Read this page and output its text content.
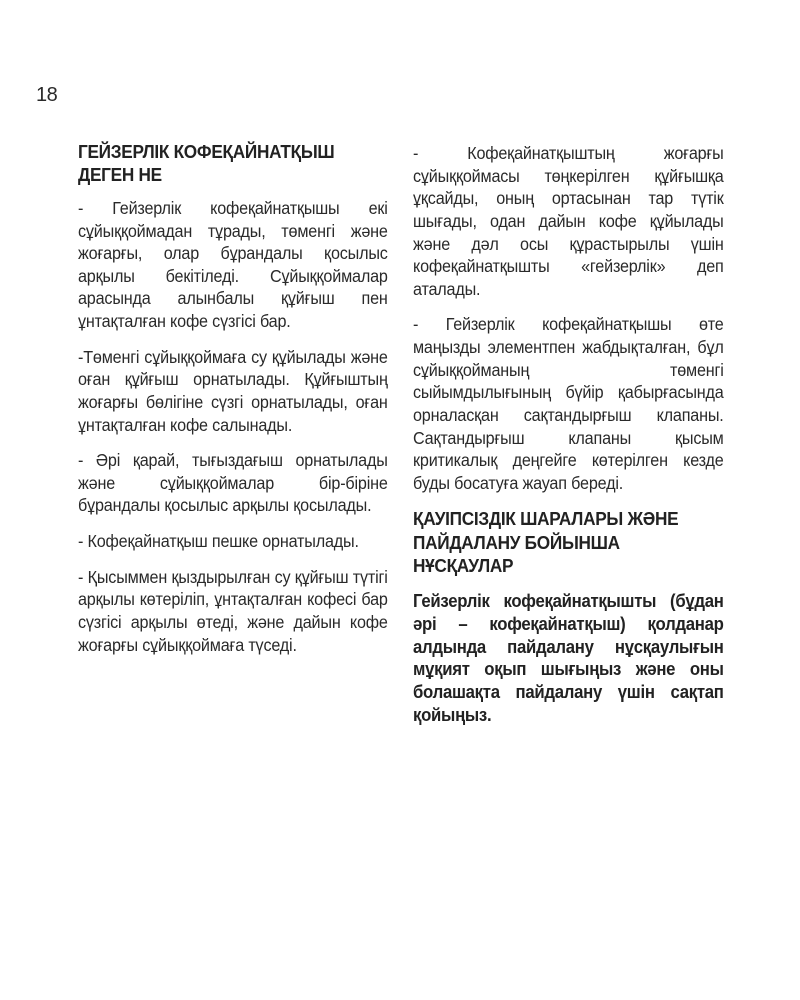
18
ГЕЙЗЕРЛІК КОФЕҚАЙНАТҚЫШ ДЕГЕН НЕ

- Гейзерлік кофеқайнатқышы екі сұйыққоймадан тұрады, төменгі және жоғарғы, олар бұрандалы қосылыс арқылы бекітіледі. Сұйыққоймалар арасында алынбалы құйғыш пен ұнтақталған кофе сүзгісі бар.

-Төменгі сұйыққоймаға су құйылады және оған құйғыш орнатылады. Құйғыштың жоғарғы бөлігіне сүзгі орнатылады, оған ұнтақталған кофе салынады.

- Әрі қарай, тығыздағыш орнатылады және сұйыққоймалар бір-біріне бұрандалы қосылыс арқылы қосылады.

- Кофеқайнатқыш пешке орнатылады.

- Қысыммен қыздырылған су құйғыш түтігі арқылы көтеріліп, ұнтақталған кофесі бар сүзгісі арқылы өтеді, және дайын кофе жоғарғы сұйыққоймаға түседі.

- Кофеқайнатқыштың жоғарғы сұйыққоймасы төңкерілген құйғышқа ұқсайды, оның ортасынан тар түтік шығады, одан дайын кофе құйылады және дәл осы құрастырылы үшін кофеқайнатқышты «гейзерлік» деп аталады.

- Гейзерлік кофеқайнатқышы өте маңызды элементпен жабдықталған, бұл сұйыққойманың төменгі сыйымдылығының бүйір қабырғасында орналасқан сақтандырғыш клапаны. Сақтандырғыш клапаны қысым критикалық деңгейге көтерілген кезде буды босатуға жауап береді.

ҚАУІПСІЗДІК ШАРАЛАРЫ ЖӘНЕ ПАЙДАЛАНУ БОЙЫНША НҰСҚАУЛАР

Гейзерлік кофеқайнатқышты (бұдан әрі – кофеқайнатқыш) қолданар алдында пайдалану нұсқаулығын мұқият оқып шығыңыз және оны болашақта пайдалану үшін сақтап қойыңыз.
